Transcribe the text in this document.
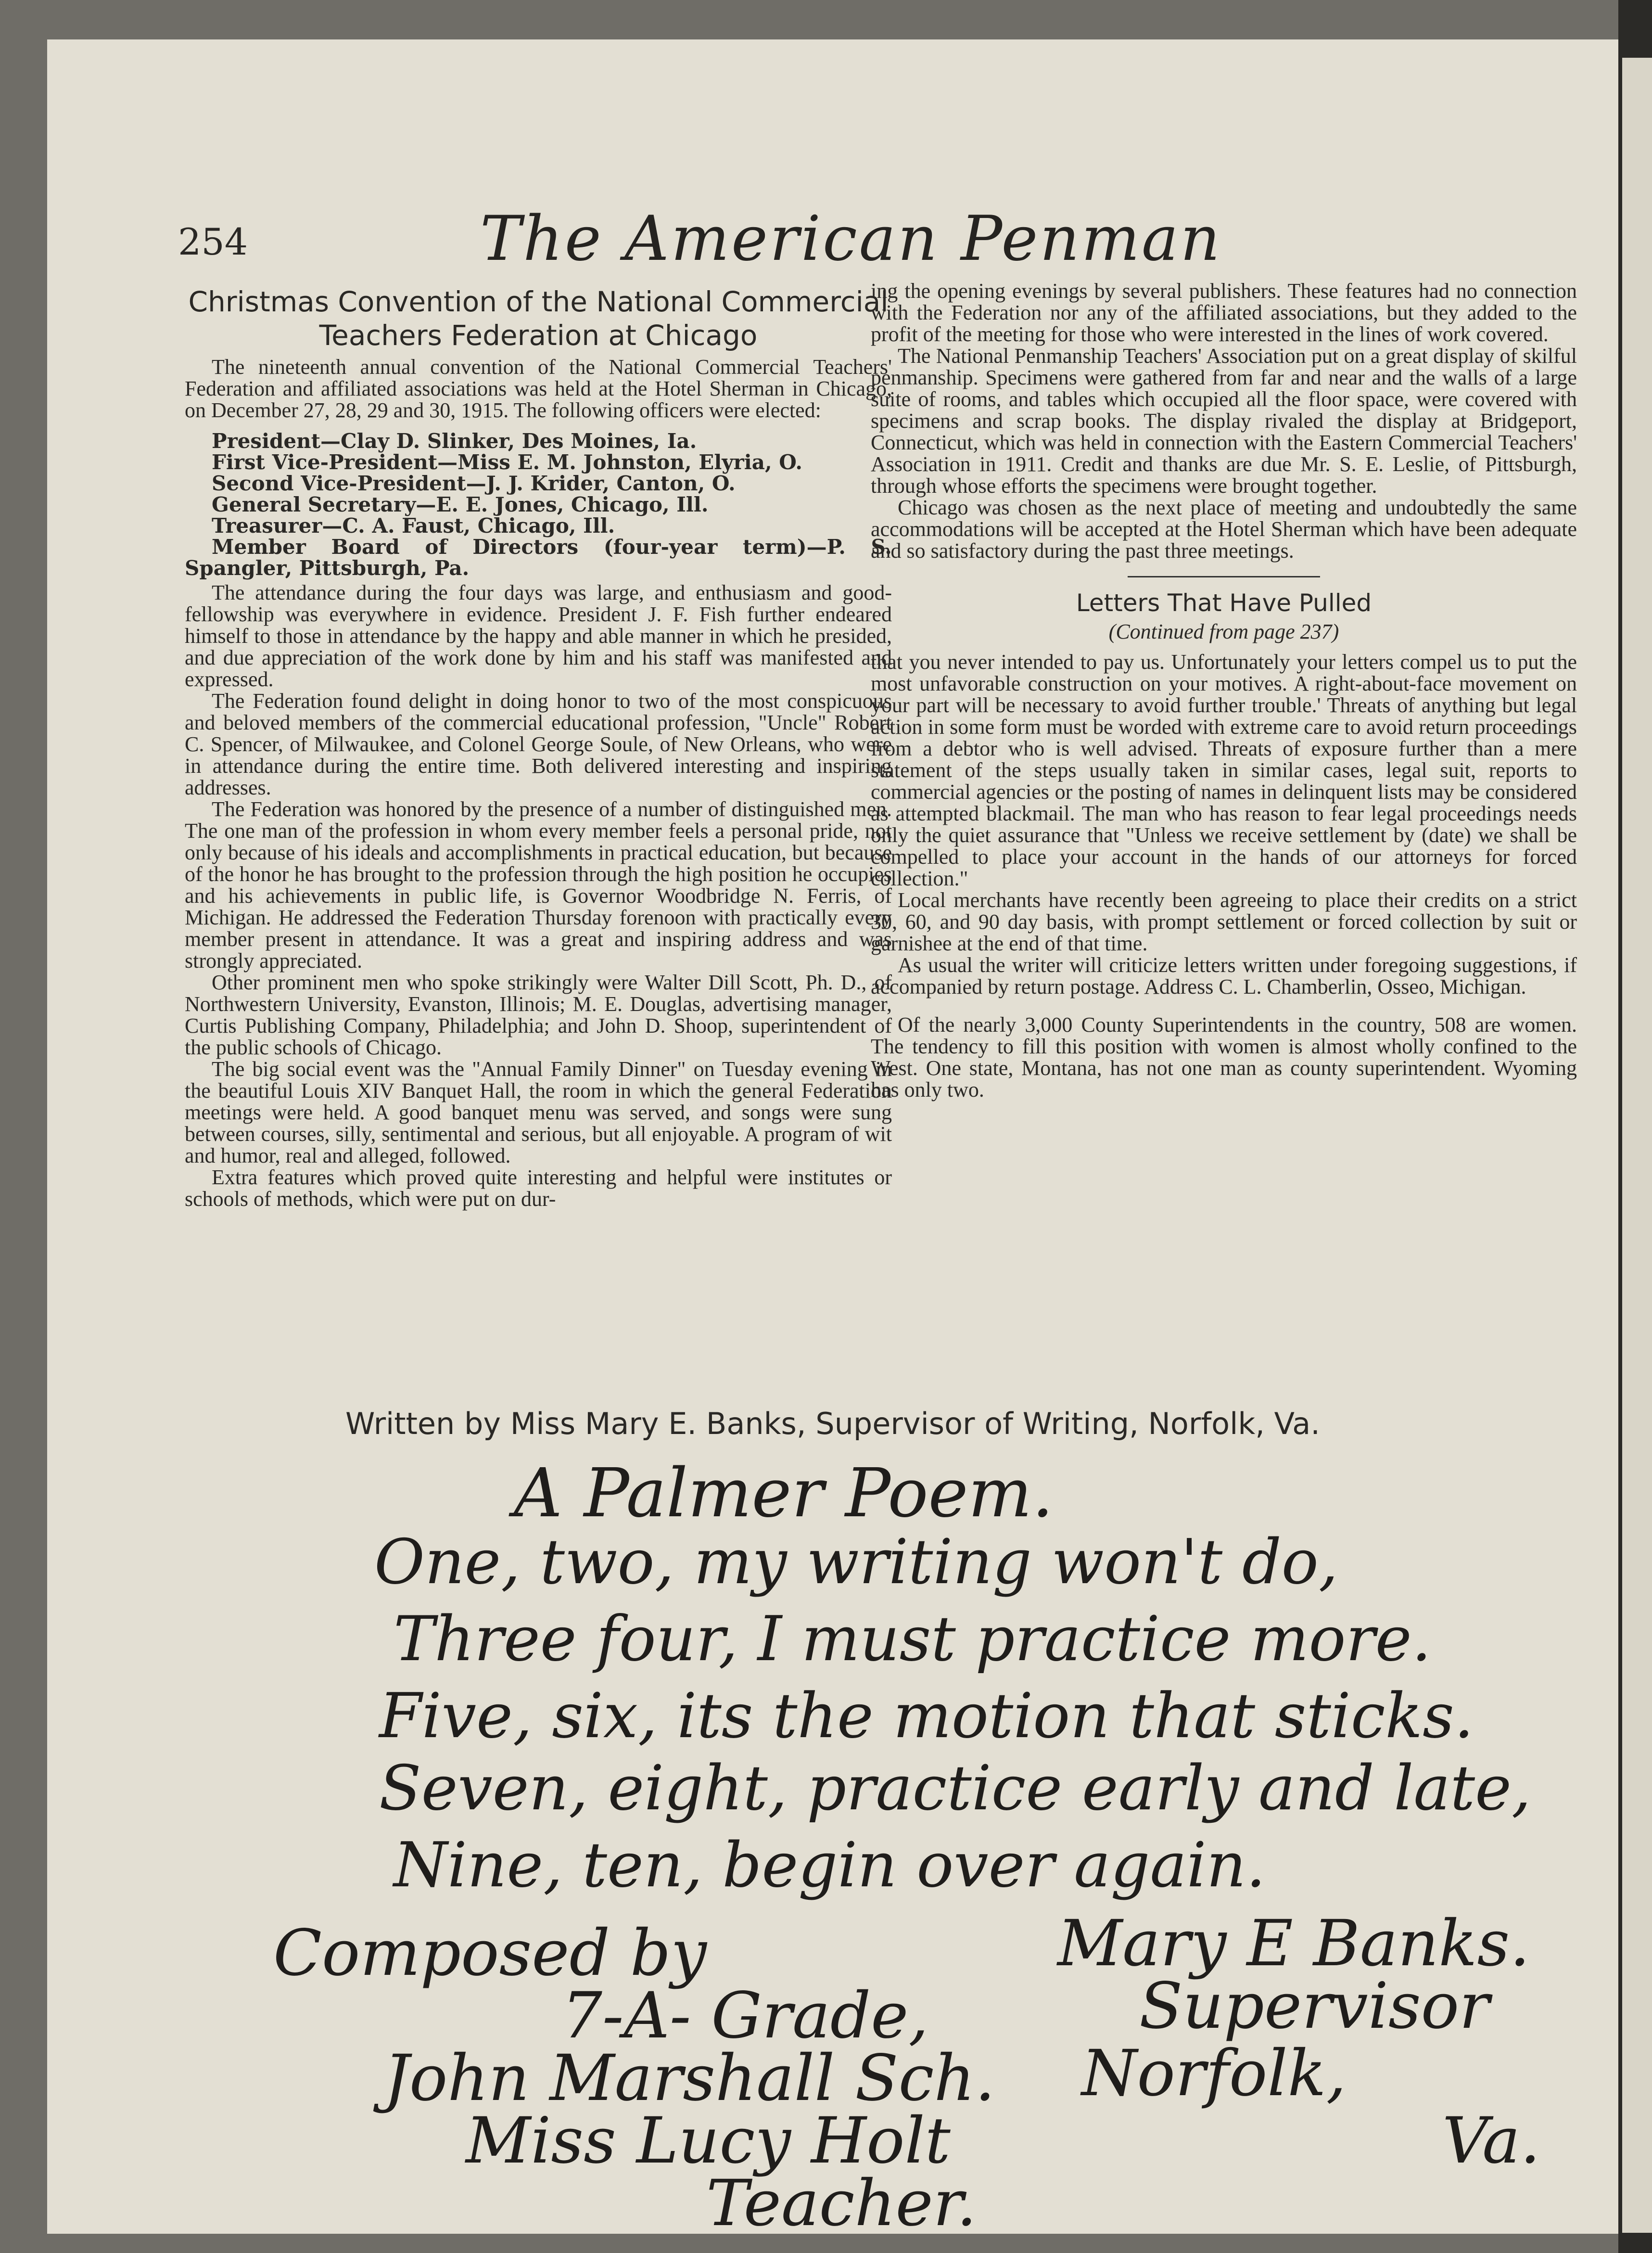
254	The American Penman
Christmas Convention of the National Commercial Teachers Federation at Chicago

The nineteenth annual convention of the National Commercial Teachers' Federation and affiliated associations was held at the Hotel Sherman in Chicago, on December 27, 28, 29 and 30, 1915. The following officers were elected:

President—Clay D. Slinker, Des Moines, Ia.
First Vice-President—Miss E. M. Johnston, Elyria, O.
Second Vice-President—J. J. Krider, Canton, O.
General Secretary—E. E. Jones, Chicago, Ill.
Treasurer—C. A. Faust, Chicago, Ill.
Member Board of Directors (four-year term)—P. S. Spangler, Pittsburgh, Pa.

The attendance during the four days was large, and enthusiasm and good-fellowship was everywhere in evidence. President J. F. Fish further endeared himself to those in attendance by the happy and able manner in which he presided, and due appreciation of the work done by him and his staff was manifested and expressed.

The Federation found delight in doing honor to two of the most conspicuous and beloved members of the commercial educational profession, "Uncle" Robert C. Spencer, of Milwaukee, and Colonel George Soule, of New Orleans, who were in attendance during the entire time. Both delivered interesting and inspiring addresses.

The Federation was honored by the presence of a number of distinguished men. The one man of the profession in whom every member feels a personal pride, not only because of his ideals and accomplishments in practical education, but because of the honor he has brought to the profession through the high position he occupies and his achievements in public life, is Governor Woodbridge N. Ferris, of Michigan. He addressed the Federation Thursday forenoon with practically every member present in attendance. It was a great and inspiring address and was strongly appreciated.

Other prominent men who spoke strikingly were Walter Dill Scott, Ph. D., of Northwestern University, Evanston, Illinois; M. E. Douglas, advertising manager, Curtis Publishing Company, Philadelphia; and John D. Shoop, superintendent of the public schools of Chicago.

The big social event was the "Annual Family Dinner" on Tuesday evening in the beautiful Louis XIV Banquet Hall, the room in which the general Federation meetings were held. A good banquet menu was served, and songs were sung between courses, silly, sentimental and serious, but all enjoyable. A program of wit and humor, real and alleged, followed.

Extra features which proved quite interesting and helpful were institutes or schools of methods, which were put on dur-

ing the opening evenings by several publishers. These features had no connection with the Federation nor any of the affiliated associations, but they added to the profit of the meeting for those who were interested in the lines of work covered.

The National Penmanship Teachers' Association put on a great display of skilful penmanship. Specimens were gathered from far and near and the walls of a large suite of rooms, and tables which occupied all the floor space, were covered with specimens and scrap books. The display rivaled the display at Bridgeport, Connecticut, which was held in connection with the Eastern Commercial Teachers' Association in 1911. Credit and thanks are due Mr. S. E. Leslie, of Pittsburgh, through whose efforts the specimens were brought together.

Chicago was chosen as the next place of meeting and undoubtedly the same accommodations will be accepted at the Hotel Sherman which have been adequate and so satisfactory during the past three meetings.

Letters That Have Pulled
(Continued from page 237)

that you never intended to pay us. Unfortunately your letters compel us to put the most unfavorable construction on your motives. A right-about-face movement on your part will be necessary to avoid further trouble.' Threats of anything but legal action in some form must be worded with extreme care to avoid return proceedings from a debtor who is well advised. Threats of exposure further than a mere statement of the steps usually taken in similar cases, legal suit, reports to commercial agencies or the posting of names in delinquent lists may be considered as attempted blackmail. The man who has reason to fear legal proceedings needs only the quiet assurance that "Unless we receive settlement by (date) we shall be compelled to place your account in the hands of our attorneys for forced collection."

Local merchants have recently been agreeing to place their credits on a strict 30, 60, and 90 day basis, with prompt settlement or forced collection by suit or garnishee at the end of that time.

As usual the writer will criticize letters written under foregoing suggestions, if accompanied by return postage. Address C. L. Chamberlin, Osseo, Michigan.

Of the nearly 3,000 County Superintendents in the country, 508 are women. The tendency to fill this position with women is almost wholly confined to the West. One state, Montana, has not one man as county superintendent. Wyoming has only two.

Written by Miss Mary E. Banks, Supervisor of Writing, Norfolk, Va.
A Palmer Poem.
One, two, my writing won't do,
Three four, I must practice more.
Five, six, its the motion that sticks.
Seven, eight, practice early and late,
Nine, ten, begin over again.
Composed by
7-A- Grade,
John Marshall Sch.
Miss Lucy Holt
Teacher.
Mary E Banks.
Supervisor
Norfolk,
Va.
